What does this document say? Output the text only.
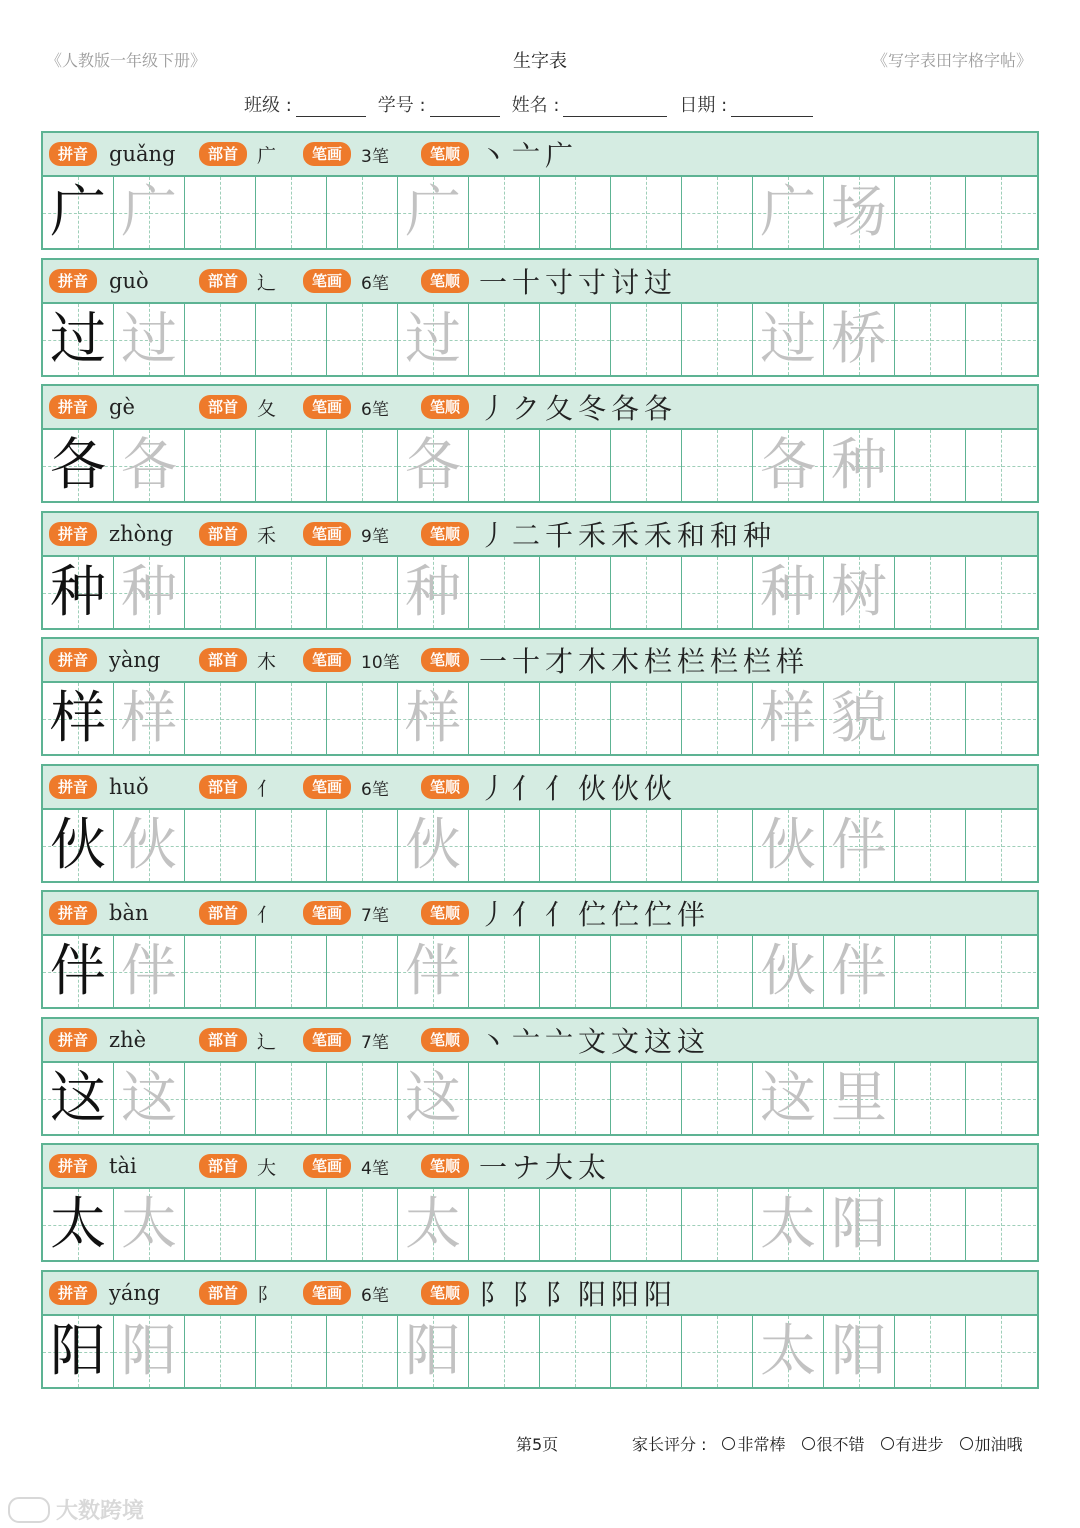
《人教版一年级下册》	生字表	《写字表田字格字帖》
班级 :	学号 :	姓名 :	日期 :
拼音	guǎng	部首	广	笔画	3笔	笔顺 丶亠广
广 广	广	广 场
拼音	guò	部首	辶	笔画	6笔	笔顺 一十寸寸讨过
过 过	过	过 桥
拼音	gè	部首	夂	笔画	6笔	笔顺 丿ク夂冬各各
各 各	各	各 种
拼音	zhòng	部首	禾	笔画	9笔	笔顺 丿二千禾禾禾和和种
种 种	种	种 树
拼音	yàng	部首	木	笔画	10笔	笔顺 一十才木木栏栏栏栏样
样 样	样	样 貌
拼音	huǒ	部首	亻	笔画	6笔	笔顺 丿亻亻伙伙伙
伙 伙	伙	伙 伴
拼音	bàn	部首	亻	笔画	7笔	笔顺 丿亻亻伫伫伫伴
伴 伴	伴	伙 伴
拼音	zhè	部首	辶	笔画	7笔	笔顺 丶亠亠文文这这
这 这	这	这 里
拼音	tài	部首	大	笔画	4笔	笔顺 一ナ大太
太 太	太	太 阳
拼音	yáng	部首	阝	笔画	6笔	笔顺 阝阝阝阳阳阳
阳 阳	阳	太 阳
第5页	家长评分 : 非常棒 很不错 有进步 加油哦
大数跨境
